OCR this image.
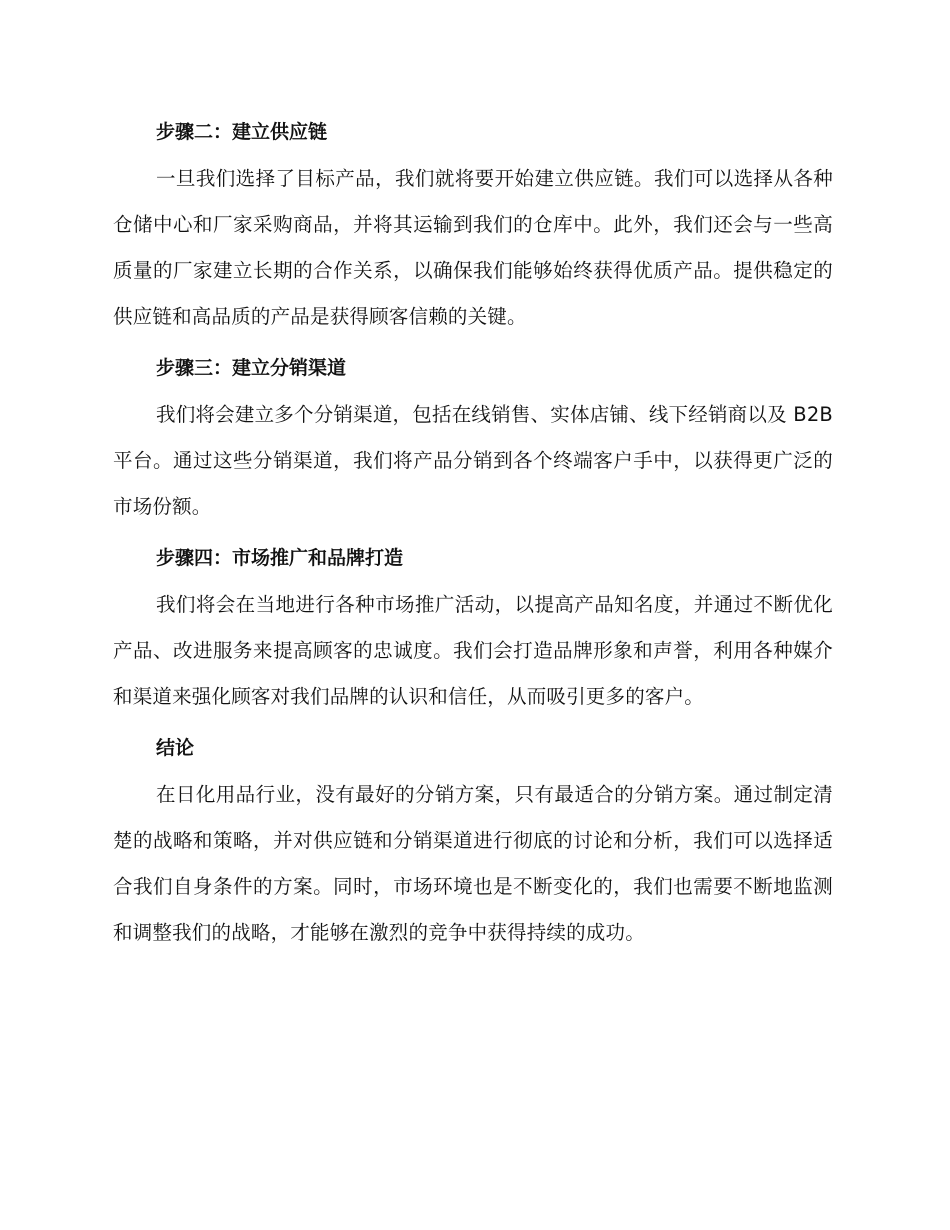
步骤二：建立供应链

一旦我们选择了目标产品，我们就将要开始建立供应链。我们可以选择从各种仓储中心和厂家采购商品，并将其运输到我们的仓库中。此外，我们还会与一些高质量的厂家建立长期的合作关系，以确保我们能够始终获得优质产品。提供稳定的供应链和高品质的产品是获得顾客信赖的关键。

步骤三：建立分销渠道

我们将会建立多个分销渠道，包括在线销售、实体店铺、线下经销商以及 B2B 平台。通过这些分销渠道，我们将产品分销到各个终端客户手中，以获得更广泛的市场份额。

步骤四：市场推广和品牌打造

我们将会在当地进行各种市场推广活动，以提高产品知名度，并通过不断优化产品、改进服务来提高顾客的忠诚度。我们会打造品牌形象和声誉，利用各种媒介和渠道来强化顾客对我们品牌的认识和信任，从而吸引更多的客户。

结论

在日化用品行业，没有最好的分销方案，只有最适合的分销方案。通过制定清楚的战略和策略，并对供应链和分销渠道进行彻底的讨论和分析，我们可以选择适合我们自身条件的方案。同时，市场环境也是不断变化的，我们也需要不断地监测和调整我们的战略，才能够在激烈的竞争中获得持续的成功。
